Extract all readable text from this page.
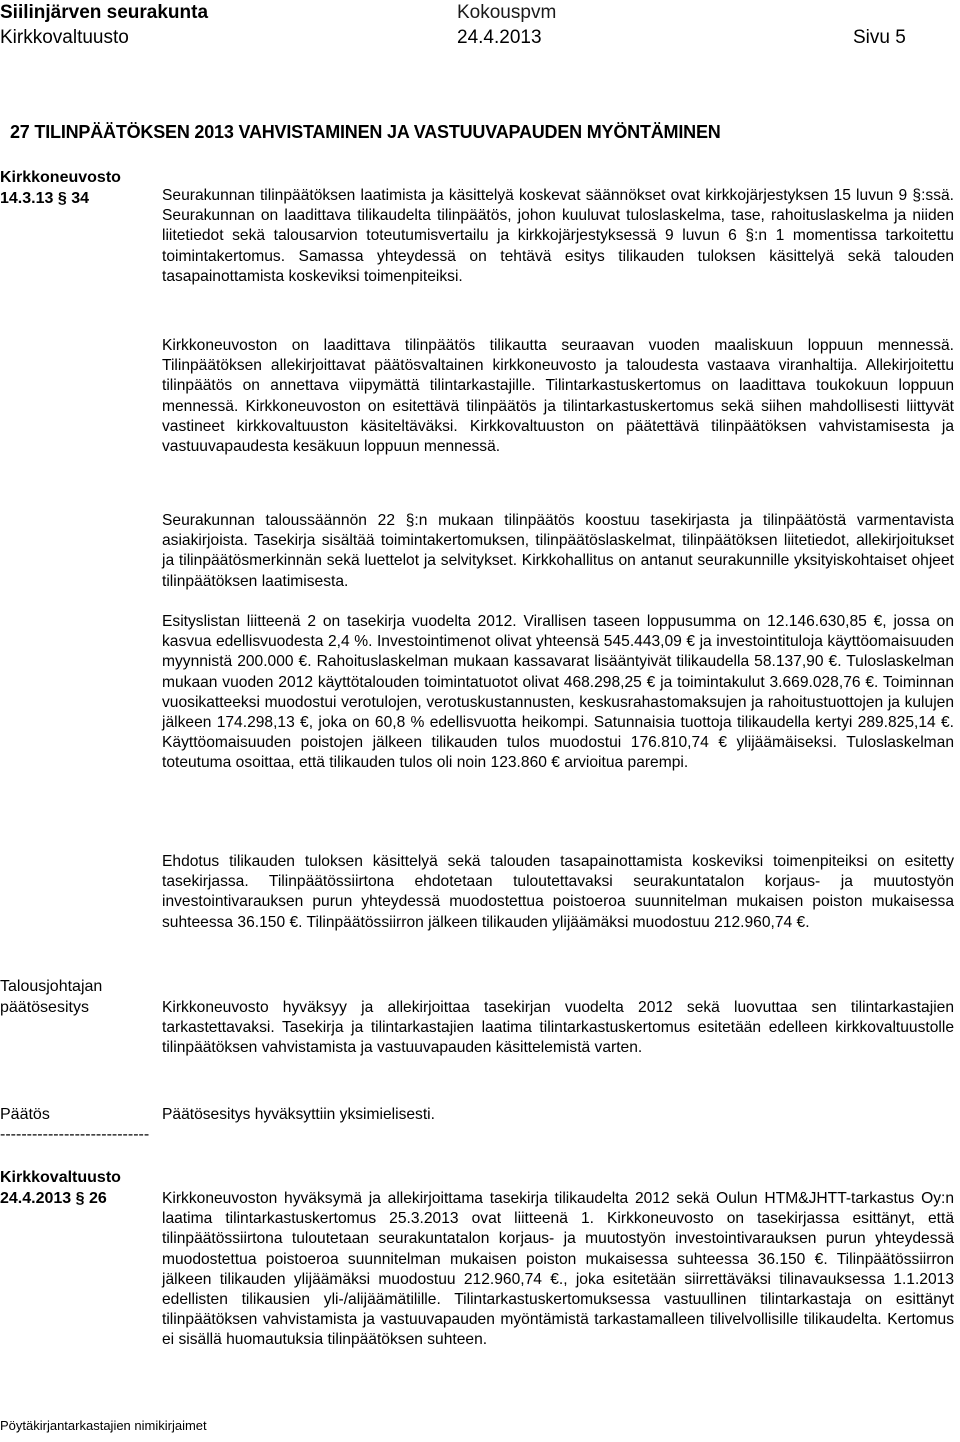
Siilinjärven seurakunta	Kokouspvm
Kirkkovaltuusto	24.4.2013	Sivu 5
27 TILINPÄÄTÖKSEN 2013 VAHVISTAMINEN JA VASTUUVAPAUDEN MYÖNTÄMINEN
Kirkkoneuvosto
14.3.13 § 34	Seurakunnan tilinpäätöksen laatimista ja käsittelyä koskevat säännökset ovat kirkkojärjestyksen 15 luvun 9 §:ssä. Seurakunnan on laadittava tilikaudelta tilinpäätös, johon kuuluvat tuloslaskelma, tase, rahoituslaskelma ja niiden liitetiedot sekä talousarvion toteutumisvertailu ja kirkkojärjestyksessä 9 luvun 6 §:n 1 momentissa tarkoitettu toimintakertomus. Samassa yhteydessä on tehtävä esitys tilikauden tuloksen käsittelyä sekä talouden tasapainottamista koskeviksi toimenpiteiksi.
Kirkkoneuvoston on laadittava tilinpäätös tilikautta seuraavan vuoden maaliskuun loppuun mennessä. Tilinpäätöksen allekirjoittavat päätösvaltainen kirkkoneuvosto ja taloudesta vastaava viranhaltija. Allekirjoitettu tilinpäätös on annettava viipymättä tilintarkastajille. Tilintarkastuskertomus on laadittava toukokuun loppuun mennessä. Kirkkoneuvoston on esitettävä tilinpäätös ja tilintarkastuskertomus sekä siihen mahdollisesti liittyvät vastineet kirkkovaltuuston käsiteltäväksi. Kirkkovaltuuston on päätettävä tilinpäätöksen vahvistamisesta ja vastuuvapaudesta kesäkuun loppuun mennessä.
Seurakunnan taloussäännön 22 §:n mukaan tilinpäätös koostuu tasekirjasta ja tilinpäätöstä varmentavista asiakirjoista. Tasekirja sisältää toimintakertomuksen, tilinpäätöslaskelmat, tilinpäätöksen liitetiedot, allekirjoitukset ja tilinpäätösmerkinnän sekä luettelot ja selvitykset. Kirkkohallitus on antanut seurakunnille yksityiskohtaiset ohjeet tilinpäätöksen laatimisesta.
Esityslistan liitteenä 2 on tasekirja vuodelta 2012. Virallisen taseen loppusumma on 12.146.630,85 €, jossa on kasvua edellisvuodesta 2,4 %. Investointimenot olivat yhteensä 545.443,09 € ja investointituloja käyttöomaisuuden myynnistä 200.000 €. Rahoituslaskelman mukaan kassavarat lisääntyivät tilikaudella 58.137,90 €. Tuloslaskelman mukaan vuoden 2012 käyttötalouden toimintatuotot olivat 468.298,25 € ja toimintakulut 3.669.028,76 €. Toiminnan vuosikatteeksi muodostui verotulojen, verotuskustannusten, keskusrahastomaksujen ja rahoitustuottojen ja kulujen jälkeen 174.298,13 €, joka on 60,8 % edellisvuotta heikompi. Satunnaisia tuottoja tilikaudella kertyi 289.825,14 €. Käyttöomaisuuden poistojen jälkeen tilikauden tulos muodostui 176.810,74 € ylijäämäiseksi. Tuloslaskelman toteutuma osoittaa, että tilikauden tulos oli noin 123.860 € arvioitua parempi.
Ehdotus tilikauden tuloksen käsittelyä sekä talouden tasapainottamista koskeviksi toimenpiteiksi on esitetty tasekirjassa. Tilinpäätössiirtona ehdotetaan tuloutettavaksi seurakuntatalon korjaus- ja muutostyön investointivarauksen purun yhteydessä muodostettua poistoeroa suunnitelman mukaisen poiston mukaisessa suhteessa 36.150 €. Tilinpäätössiirron jälkeen tilikauden ylijäämäksi muodostuu 212.960,74 €.
Talousjohtajan
päätösesitys	Kirkkoneuvosto hyväksyy ja allekirjoittaa tasekirjan vuodelta 2012 sekä luovuttaa sen tilintarkastajien tarkastettavaksi. Tasekirja ja tilintarkastajien laatima tilintarkastuskertomus esitetään edelleen kirkkovaltuustolle tilinpäätöksen vahvistamista ja vastuuvapauden käsittelemistä varten.
Päätös	Päätösesitys hyväksyttiin yksimielisesti.
----------------------------
Kirkkovaltuusto
24.4.2013 § 26	Kirkkoneuvoston hyväksymä ja allekirjoittama tasekirja tilikaudelta 2012 sekä Oulun HTM&JHTT-tarkastus Oy:n laatima tilintarkastuskertomus 25.3.2013 ovat liitteenä 1. Kirkkoneuvosto on tasekirjassa esittänyt, että tilinpäätössiirtona tuloutetaan seurakuntatalon korjaus- ja muutostyön investointivarauksen purun yhteydessä muodostettua poistoeroa suunnitelman mukaisen poiston mukaisessa suhteessa 36.150 €. Tilinpäätössiirron jälkeen tilikauden ylijäämäksi muodostuu 212.960,74 €., joka esitetään siirrettäväksi tilinavauksessa 1.1.2013 edellisten tilikausien yli-/alijäämätilille. Tilintarkastuskertomuksessa vastuullinen tilintarkastaja on esittänyt tilinpäätöksen vahvistamista ja vastuuvapauden myöntämistä tarkastamalleen tilivelvollisille tilikaudelta. Kertomus ei sisällä huomautuksia tilinpäätöksen suhteen.
Pöytäkirjantarkastajien nimikirjaimet
